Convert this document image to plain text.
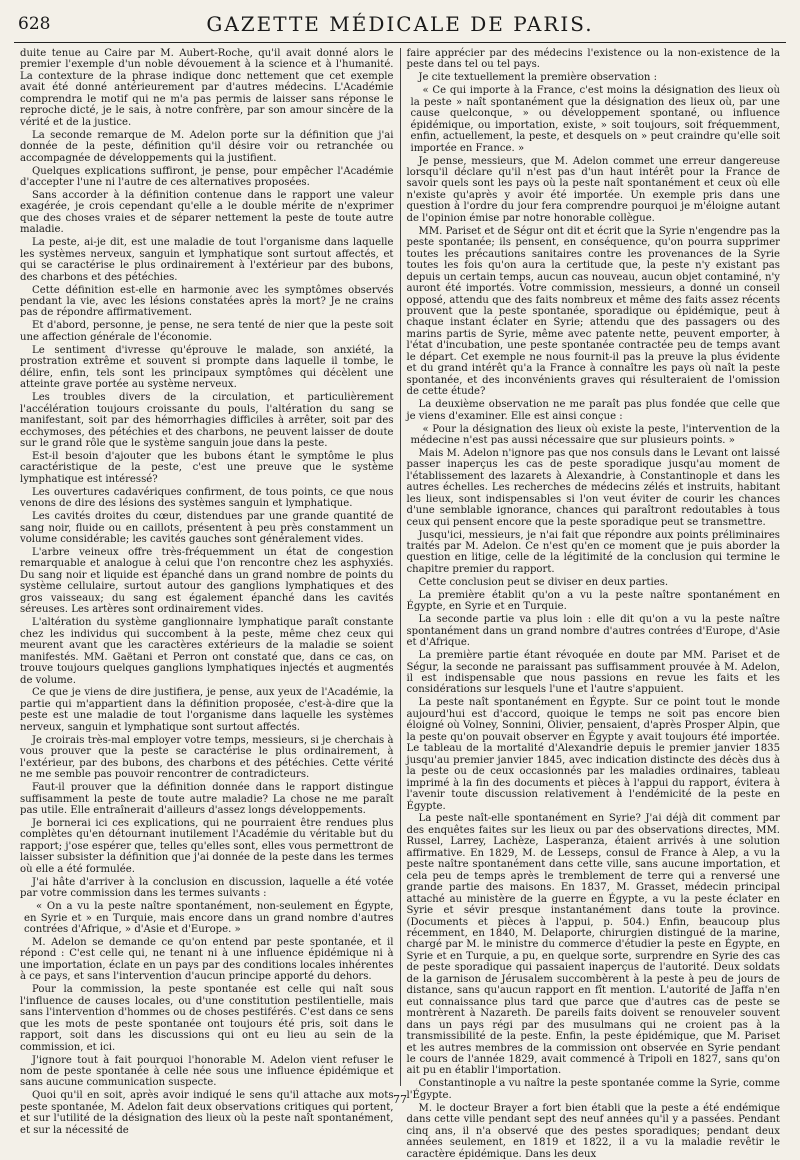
628	GAZETTE MÉDICALE DE PARIS.

duite tenue au Caire par M. Aubert-Roche, qu'il avait donné alors le premier l'exemple d'un noble dévouement à la science et à l'humanité. La contexture de la phrase indique donc nettement que cet exemple avait été donné antérieurement par d'autres médecins. L'Académie comprendra le motif qui ne m'a pas permis de laisser sans réponse le reproche dicté, je le sais, à notre confrère, par son amour sincère de la vérité et de la justice.

La seconde remarque de M. Adelon porte sur la définition que j'ai donnée de la peste, définition qu'il désire voir ou retranchée ou accompagnée de développements qui la justifient.

Quelques explications suffiront, je pense, pour empêcher l'Académie d'accepter l'une ni l'autre de ces alternatives proposées.

Sans accorder à la définition contenue dans le rapport une valeur exagérée, je crois cependant qu'elle a le double mérite de n'exprimer que des choses vraies et de séparer nettement la peste de toute autre maladie.

La peste, ai-je dit, est une maladie de tout l'organisme dans laquelle les systèmes nerveux, sanguin et lymphatique sont surtout affectés, et qui se caractérise le plus ordinairement à l'extérieur par des bubons, des charbons et des pétéchies.

Cette définition est-elle en harmonie avec les symptômes observés pendant la vie, avec les lésions constatées après la mort? Je ne crains pas de répondre affirmativement.

Et d'abord, personne, je pense, ne sera tenté de nier que la peste soit une affection générale de l'économie.

Le sentiment d'ivresse qu'éprouve le malade, son anxiété, la prostration extrême et souvent si prompte dans laquelle il tombe, le délire, enfin, tels sont les principaux symptômes qui décèlent une atteinte grave portée au système nerveux.

Les troubles divers de la circulation, et particulièrement l'accélération toujours croissante du pouls, l'altération du sang se manifestant, soit par des hémorrhagies difficiles à arrêter, soit par des ecchymoses, des pétéchies et des charbons, ne peuvent laisser de doute sur le grand rôle que le système sanguin joue dans la peste.

Est-il besoin d'ajouter que les bubons étant le symptôme le plus caractéristique de la peste, c'est une preuve que le système lymphatique est intéressé?

Les ouvertures cadavériques confirment, de tous points, ce que nous venons de dire des lésions des systèmes sanguin et lymphatique.

Les cavités droites du cœur, distendues par une grande quantité de sang noir, fluide ou en caillots, présentent à peu près constamment un volume considérable; les cavités gauches sont généralement vides.

L'arbre veineux offre très-fréquemment un état de congestion remarquable et analogue à celui que l'on rencontre chez les asphyxiés. Du sang noir et liquide est épanché dans un grand nombre de points du système cellulaire, surtout autour des ganglions lymphatiques et des gros vaisseaux; du sang est également épanché dans les cavités séreuses. Les artères sont ordinairement vides.

L'altération du système ganglionnaire lymphatique paraît constante chez les individus qui succombent à la peste, même chez ceux qui meurent avant que les caractères extérieurs de la maladie se soient manifestés. MM. Gaëtani et Perron ont constaté que, dans ce cas, on trouve toujours quelques ganglions lymphatiques injectés et augmentés de volume.

Ce que je viens de dire justifiera, je pense, aux yeux de l'Académie, la partie qui m'appartient dans la définition proposée, c'est-à-dire que la peste est une maladie de tout l'organisme dans laquelle les systèmes nerveux, sanguin et lymphatique sont surtout affectés.

Je croirais très-mal employer votre temps, messieurs, si je cherchais à vous prouver que la peste se caractérise le plus ordinairement, à l'extérieur, par des bubons, des charbons et des pétéchies. Cette vérité ne me semble pas pouvoir rencontrer de contradicteurs.

Faut-il prouver que la définition donnée dans le rapport distingue suffisamment la peste de toute autre maladie? La chose ne me paraît pas utile. Elle entraînerait d'ailleurs d'assez longs développements.

Je bornerai ici ces explications, qui ne pourraient être rendues plus complètes qu'en détournant inutilement l'Académie du véritable but du rapport; j'ose espérer que, telles qu'elles sont, elles vous permettront de laisser subsister la définition que j'ai donnée de la peste dans les termes où elle a été formulée.

J'ai hâte d'arriver à la conclusion en discussion, laquelle a été votée par votre commission dans les termes suivants :

« On a vu la peste naître spontanément, non-seulement en Égypte, en Syrie et » en Turquie, mais encore dans un grand nombre d'autres contrées d'Afrique, » d'Asie et d'Europe. »

M. Adelon se demande ce qu'on entend par peste spontanée, et il répond : C'est celle qui, ne tenant ni à une influence épidémique ni à une importation, éclate en un pays par des conditions locales inhérentes à ce pays, et sans l'intervention d'aucun principe apporté du dehors.

Pour la commission, la peste spontanée est celle qui naît sous l'influence de causes locales, ou d'une constitution pestilentielle, mais sans l'intervention d'hommes ou de choses pestiférés. C'est dans ce sens que les mots de peste spontanée ont toujours été pris, soit dans le rapport, soit dans les discussions qui ont eu lieu au sein de la commission, et ici.

J'ignore tout à fait pourquoi l'honorable M. Adelon vient refuser le nom de peste spontanée à celle née sous une influence épidémique et sans aucune communication suspecte.

Quoi qu'il en soit, après avoir indiqué le sens qu'il attache aux mots peste spontanée, M. Adelon fait deux observations critiques qui portent, et sur l'utilité de la désignation des lieux où la peste naît spontanément, et sur la nécessité de

faire apprécier par des médecins l'existence ou la non-existence de la peste dans tel ou tel pays.

Je cite textuellement la première observation :

« Ce qui importe à la France, c'est moins la désignation des lieux où la peste » naît spontanément que la désignation des lieux où, par une cause quelconque, » ou développement spontané, ou influence épidémique, ou importation, existe, » soit toujours, soit fréquemment, enfin, actuellement, la peste, et desquels on » peut craindre qu'elle soit importée en France. »

Je pense, messieurs, que M. Adelon commet une erreur dangereuse lorsqu'il déclare qu'il n'est pas d'un haut intérêt pour la France de savoir quels sont les pays où la peste naît spontanément et ceux où elle n'existe qu'après y avoir été importée. Un exemple pris dans une question à l'ordre du jour fera comprendre pourquoi je m'éloigne autant de l'opinion émise par notre honorable collègue.

MM. Pariset et de Ségur ont dit et écrit que la Syrie n'engendre pas la peste spontanée; ils pensent, en conséquence, qu'on pourra supprimer toutes les précautions sanitaires contre les provenances de la Syrie toutes les fois qu'on aura la certitude que, la peste n'y existant pas depuis un certain temps, aucun cas nouveau, aucun objet contaminé, n'y auront été importés. Votre commission, messieurs, a donné un conseil opposé, attendu que des faits nombreux et même des faits assez récents prouvent que la peste spontanée, sporadique ou épidémique, peut à chaque instant éclater en Syrie; attendu que des passagers ou des marins partis de Syrie, même avec patente nette, peuvent emporter, à l'état d'incubation, une peste spontanée contractée peu de temps avant le départ. Cet exemple ne nous fournit-il pas la preuve la plus évidente et du grand intérêt qu'a la France à connaître les pays où naît la peste spontanée, et des inconvénients graves qui résulteraient de l'omission de cette étude?

La deuxième observation ne me paraît pas plus fondée que celle que je viens d'examiner. Elle est ainsi conçue :

« Pour la désignation des lieux où existe la peste, l'intervention de la médecine n'est pas aussi nécessaire que sur plusieurs points. »

Mais M. Adelon n'ignore pas que nos consuls dans le Levant ont laissé passer inaperçus les cas de peste sporadique jusqu'au moment de l'établissement des lazarets à Alexandrie, à Constantinople et dans les autres échelles. Les recherches de médecins zélés et instruits, habitant les lieux, sont indispensables si l'on veut éviter de courir les chances d'une semblable ignorance, chances qui paraîtront redoutables à tous ceux qui pensent encore que la peste sporadique peut se transmettre.

Jusqu'ici, messieurs, je n'ai fait que répondre aux points préliminaires traités par M. Adelon. Ce n'est qu'en ce moment que je puis aborder la question en litige, celle de la légitimité de la conclusion qui termine le chapitre premier du rapport.

Cette conclusion peut se diviser en deux parties.

La première établit qu'on a vu la peste naître spontanément en Égypte, en Syrie et en Turquie.

La seconde partie va plus loin : elle dit qu'on a vu la peste naître spontanément dans un grand nombre d'autres contrées d'Europe, d'Asie et d'Afrique.

La première partie étant révoquée en doute par MM. Pariset et de Ségur, la seconde ne paraissant pas suffisamment prouvée à M. Adelon, il est indispensable que nous passions en revue les faits et les considérations sur lesquels l'une et l'autre s'appuient.

La peste naît spontanément en Égypte. Sur ce point tout le monde aujourd'hui est d'accord, quoique le temps ne soit pas encore bien éloigné où Volney, Sonnini, Olivier, pensaient, d'après Prosper Alpin, que la peste qu'on pouvait observer en Égypte y avait toujours été importée. Le tableau de la mortalité d'Alexandrie depuis le premier janvier 1835 jusqu'au premier janvier 1845, avec indication distincte des décès dus à la peste ou de ceux occasionnés par les maladies ordinaires, tableau imprimé à la fin des documents et pièces à l'appui du rapport, évitera à l'avenir toute discussion relativement à l'endémicité de la peste en Égypte.

La peste naît-elle spontanément en Syrie? J'ai déjà dit comment par des enquêtes faites sur les lieux ou par des observations directes, MM. Russel, Larrey, Lachèze, Lasperanza, étaient arrivés à une solution affirmative. En 1829, M. de Lesseps, consul de France à Alep, a vu la peste naître spontanément dans cette ville, sans aucune importation, et cela peu de temps après le tremblement de terre qui a renversé une grande partie des maisons. En 1837, M. Grasset, médecin principal attaché au ministère de la guerre en Égypte, a vu la peste éclater en Syrie et sévir presque instantanément dans toute la province. (Documents et pièces à l'appui, p. 504.) Enfin, beaucoup plus récemment, en 1840, M. Delaporte, chirurgien distingué de la marine, chargé par M. le ministre du commerce d'étudier la peste en Égypte, en Syrie et en Turquie, a pu, en quelque sorte, surprendre en Syrie des cas de peste sporadique qui passaient inaperçus de l'autorité. Deux soldats de la garnison de Jérusalem succombèrent à la peste à peu de jours de distance, sans qu'aucun rapport en fît mention. L'autorité de Jaffa n'en eut connaissance plus tard que parce que d'autres cas de peste se montrèrent à Nazareth. De pareils faits doivent se renouveler souvent dans un pays régi par des musulmans qui ne croient pas à la transmissibilité de la peste. Enfin, la peste épidémique, que M. Pariset et les autres membres de la commission ont observée en Syrie pendant le cours de l'année 1829, avait commencé à Tripoli en 1827, sans qu'on ait pu en établir l'importation.

Constantinople a vu naître la peste spontanée comme la Syrie, comme l'Égypte.

M. le docteur Brayer a fort bien établi que la peste a été endémique dans cette ville pendant sept des neuf années qu'il y a passées. Pendant cinq ans, il n'a observé que des pestes sporadiques; pendant deux années seulement, en 1819 et 1822, il a vu la maladie revêtir le caractère épidémique. Dans les deux

77
